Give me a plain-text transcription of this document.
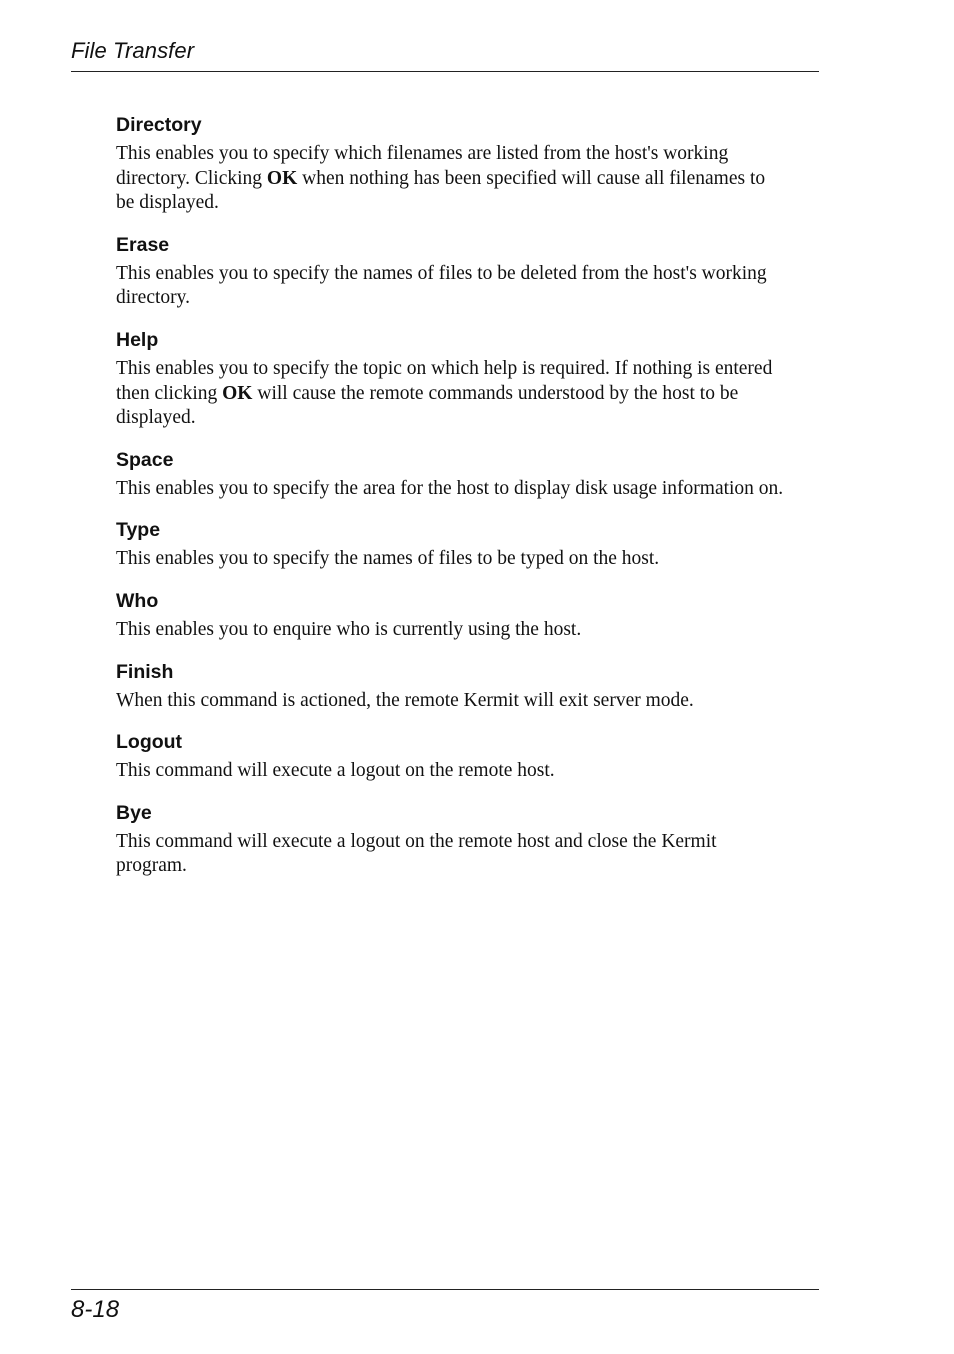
File Transfer
Directory

This enables you to specify which filenames are listed from the host's working
directory. Clicking OK when nothing has been specified will cause all filenames to
be displayed.

Erase

This enables you to specify the names of files to be deleted from the host's working
directory.

Help

This enables you to specify the topic on which help is required. If nothing is entered
then clicking OK will cause the remote commands understood by the host to be
displayed.

Space

This enables you to specify the area for the host to display disk usage information on.

Type

This enables you to specify the names of files to be typed on the host.

Who

This enables you to enquire who is currently using the host.

Finish

When this command is actioned, the remote Kermit will exit server mode.

Logout

This command will execute a logout on the remote host.

Bye

This command will execute a logout on the remote host and close the Kermit
program.

8-18
